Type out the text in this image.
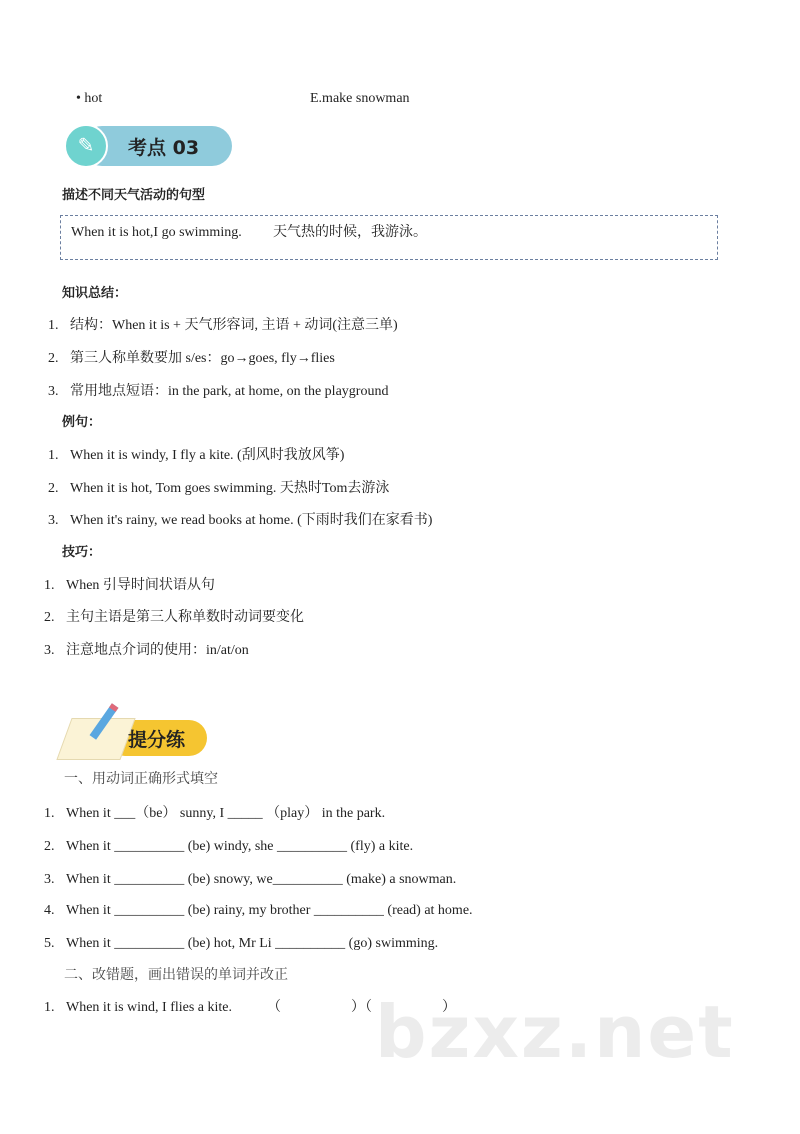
• hot	E.make snowman
✎	考点 03
描述不同天气活动的句型
When it is hot,I go swimming. 天气热的时候，我游泳。
知识总结：
1. 结构：When it is + 天气形容词, 主语 + 动词(注意三单)
2. 第三人称单数要加 s/es：go→goes, fly→flies
3. 常用地点短语：in the park, at home, on the playground
例句：
1. When it is windy, I fly a kite. (刮风时我放风筝)
2. When it is hot, Tom goes swimming. 天热时Tom去游泳
3. When it's rainy, we read books at home. (下雨时我们在家看书)
技巧：
1. When 引导时间状语从句
2. 主句主语是第三人称单数时动词要变化
3. 注意地点介词的使用：in/at/on
提分练
一、用动词正确形式填空
1. When it ___（be） sunny, I _____ （play） in the park.
2. When it __________ (be) windy, she __________ (fly) a kite.
3. When it __________ (be) snowy, we__________ (make) a snowman.
4. When it __________ (be) rainy, my brother __________ (read) at home.
5. When it __________ (be) hot, Mr Li __________ (go) swimming.
二、改错题，画出错误的单词并改正
1. When it is wind, I flies a kite.          （                    ）（                    ）
bzxz.net
